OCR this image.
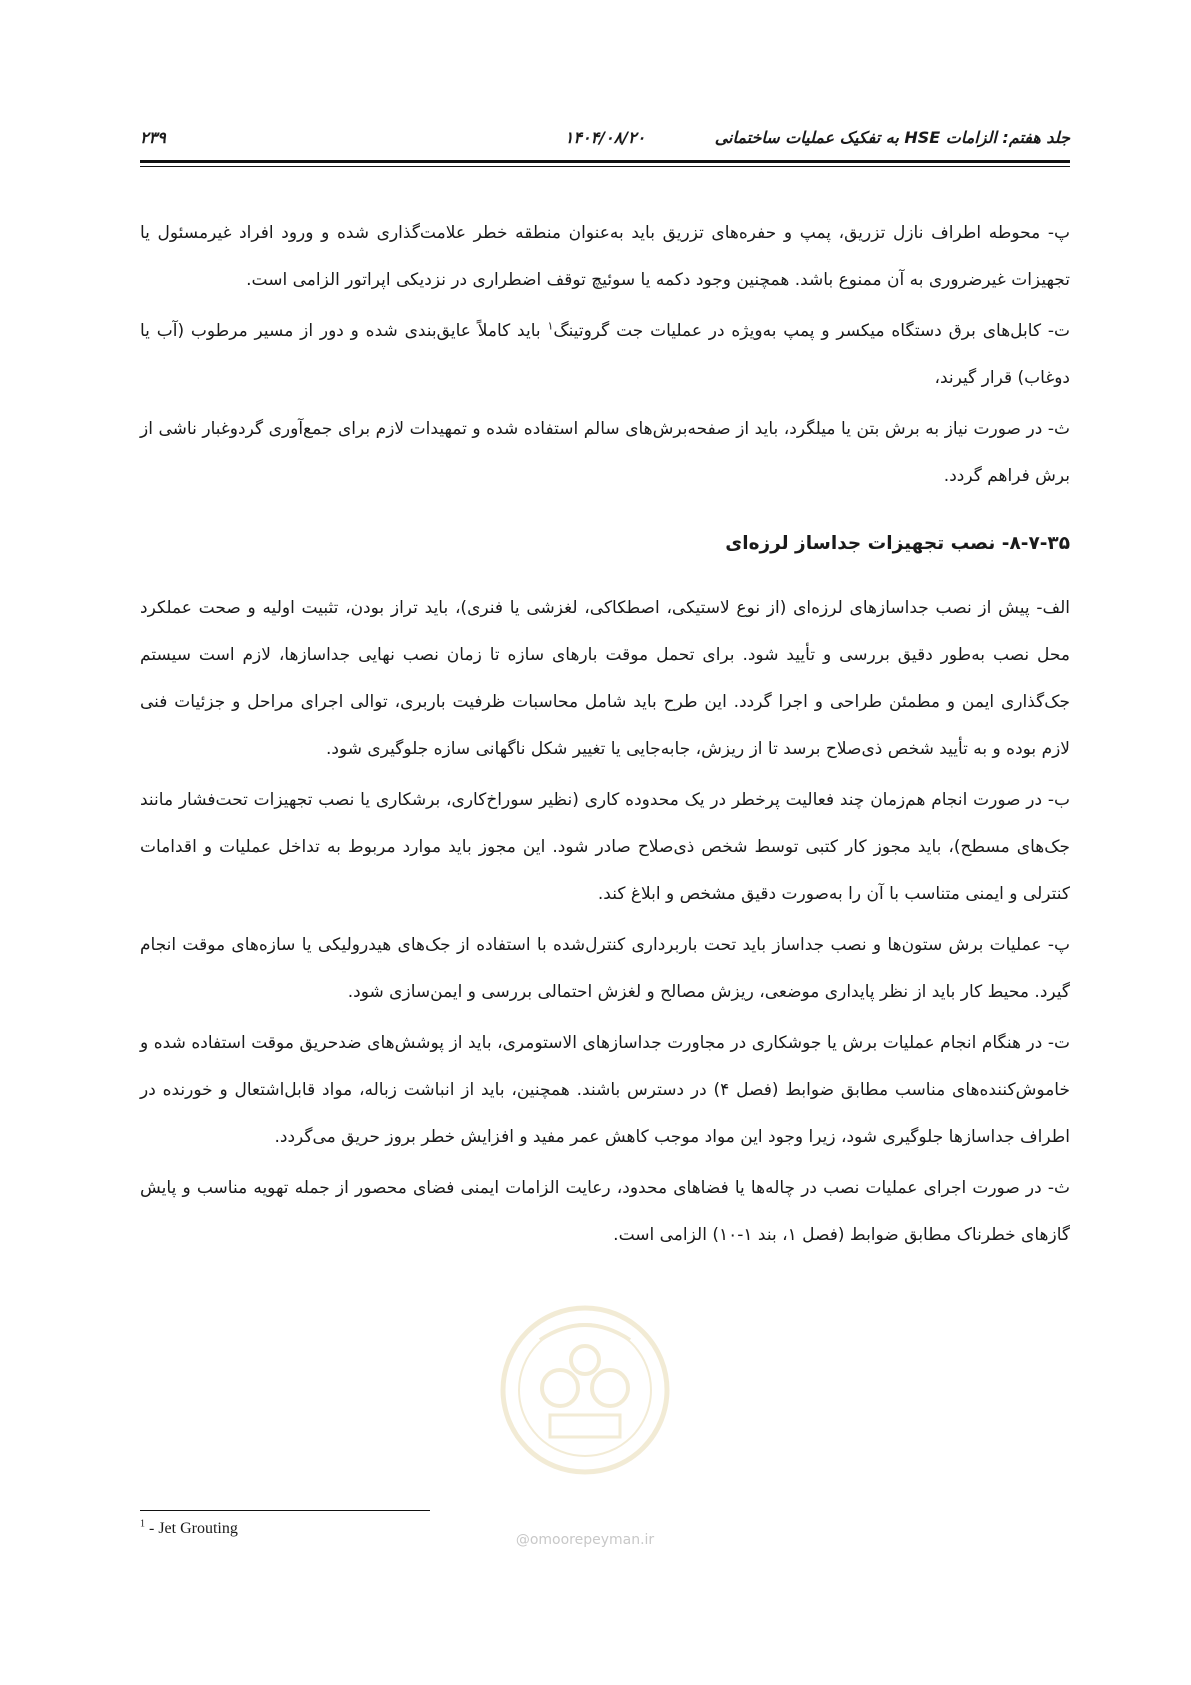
جلد هفتم: الزامات HSE به تفکیک عملیات ساختمانی
۱۴۰۴/۰۸/۲۰
۲۳۹

پ- محوطه اطراف نازل تزریق، پمپ و حفره‌های تزریق باید به‌عنوان منطقه خطر علامت‌گذاری شده و ورود افراد غیرمسئول یا تجهیزات غیرضروری به آن ممنوع باشد. همچنین وجود دکمه یا سوئیچ توقف اضطراری در نزدیکی اپراتور الزامی است.

ت- کابل‌های برق دستگاه میکسر و پمپ به‌ویژه در عملیات جت گروتینگ$^۱$ باید کاملاً عایق‌بندی شده و دور از مسیر مرطوب (آب یا دوغاب) قرار گیرند،

ث- در صورت نیاز به برش بتن یا میلگرد، باید از صفحه‌برش‌های سالم استفاده شده و تمهیدات لازم برای جمع‌آوری گردوغبار ناشی از برش فراهم گردد.

۸-۷-۳۵- نصب تجهیزات جداساز لرزه‌ای

الف- پیش از نصب جداسازهای لرزه‌ای (از نوع لاستیکی، اصطکاکی، لغزشی یا فنری)، باید تراز بودن، تثبیت اولیه و صحت عملکرد محل نصب به‌طور دقیق بررسی و تأیید شود. برای تحمل موقت بارهای سازه تا زمان نصب نهایی جداسازها، لازم است سیستم جک‌گذاری ایمن و مطمئن طراحی و اجرا گردد. این طرح باید شامل محاسبات ظرفیت باربری، توالی اجرای مراحل و جزئیات فنی لازم بوده و به تأیید شخص ذی‌صلاح برسد تا از ریزش، جابه‌جایی یا تغییر شکل ناگهانی سازه جلوگیری شود.

ب- در صورت انجام هم‌زمان چند فعالیت پرخطر در یک محدوده کاری (نظیر سوراخ‌کاری، برشکاری یا نصب تجهیزات تحت‌فشار مانند جک‌های مسطح)، باید مجوز کار کتبی توسط شخص ذی‌صلاح صادر شود. این مجوز باید موارد مربوط به تداخل عملیات و اقدامات کنترلی و ایمنی متناسب با آن را به‌صورت دقیق مشخص و ابلاغ کند.

پ- عملیات برش ستون‌ها و نصب جداساز باید تحت باربرداری کنترل‌شده با استفاده از جک‌های هیدرولیکی یا سازه‌های موقت انجام گیرد. محیط کار باید از نظر پایداری موضعی، ریزش مصالح و لغزش احتمالی بررسی و ایمن‌سازی شود.

ت- در هنگام انجام عملیات برش یا جوشکاری در مجاورت جداسازهای الاستومری، باید از پوشش‌های ضدحریق موقت استفاده شده و خاموش‌کننده‌های مناسب مطابق ضوابط (فصل ۴) در دسترس باشند. همچنین، باید از انباشت زباله، مواد قابل‌اشتعال و خورنده در اطراف جداسازها جلوگیری شود، زیرا وجود این مواد موجب کاهش عمر مفید و افزایش خطر بروز حریق می‌گردد.

ث- در صورت اجرای عملیات نصب در چاله‌ها یا فضاهای محدود، رعایت الزامات ایمنی فضای محصور از جمله تهویه مناسب و پایش گازهای خطرناک مطابق ضوابط (فصل ۱، بند ۱-۱۰) الزامی است.

@omoorepeyman.ir
$^1$ - Jet Grouting
